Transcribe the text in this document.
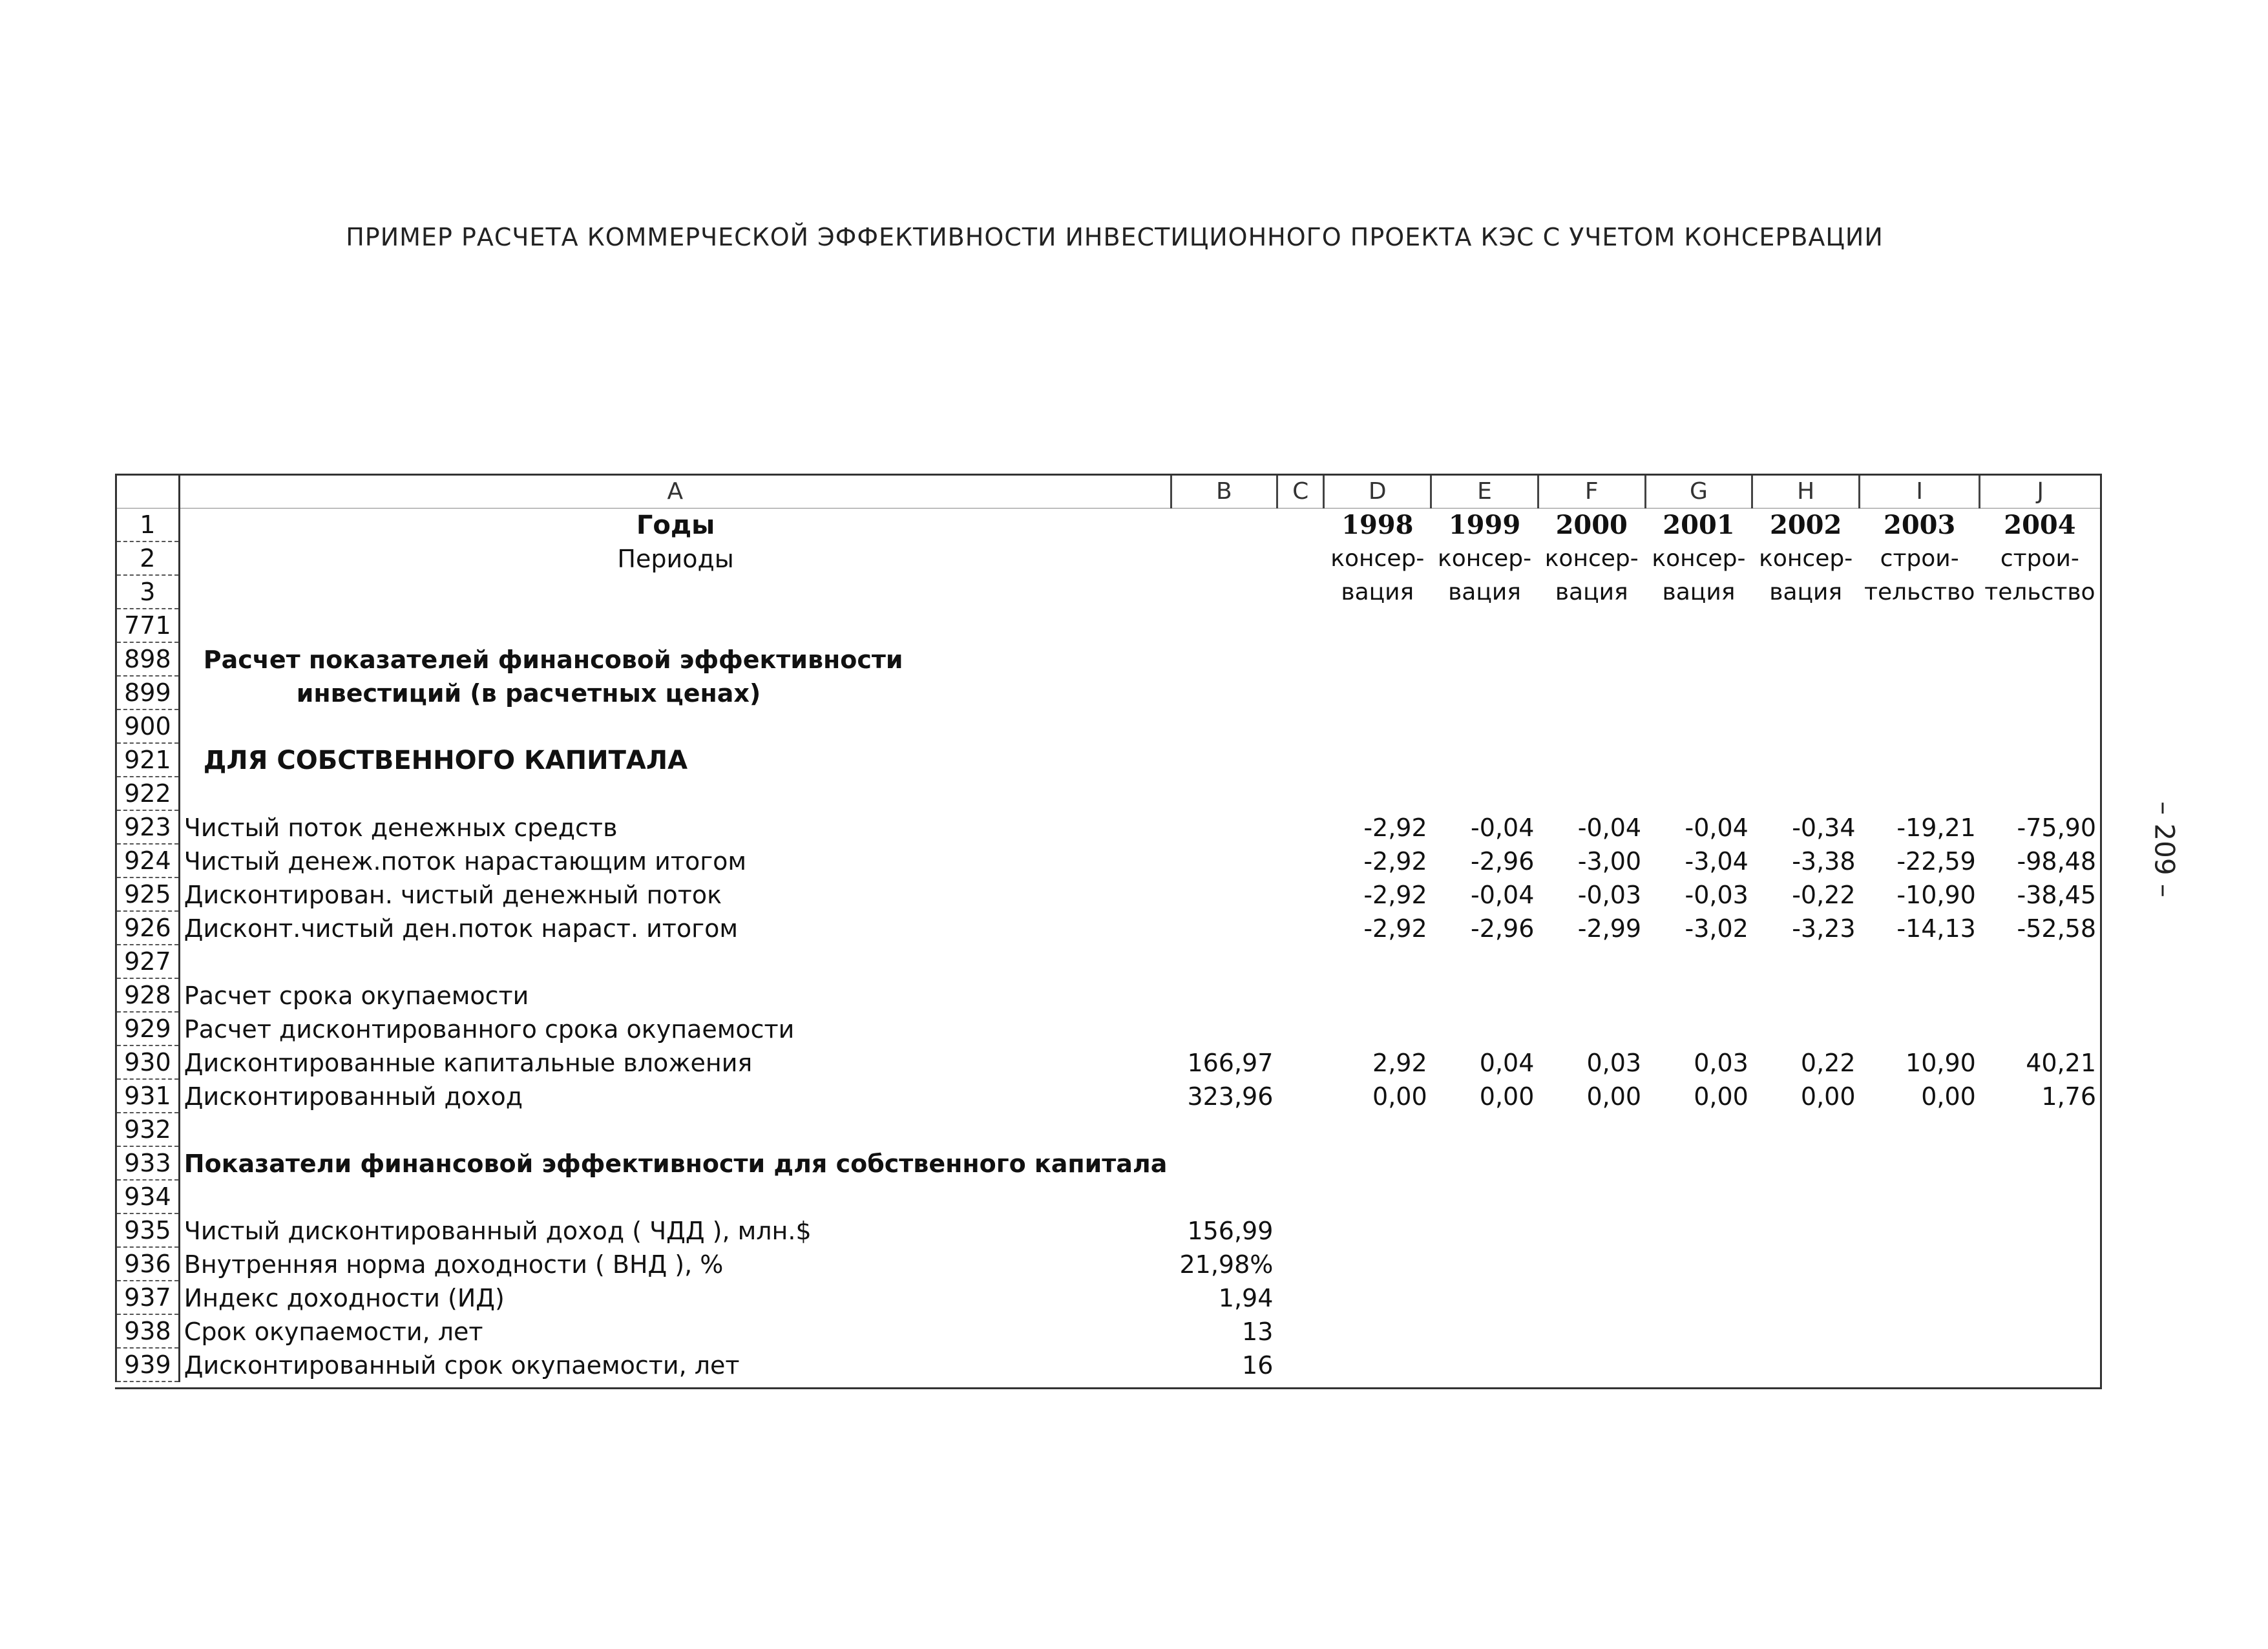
ПРИМЕР РАСЧЕТА КОММЕРЧЕСКОЙ ЭФФЕКТИВНОСТИ ИНВЕСТИЦИОННОГО ПРОЕКТА КЭС С УЧЕТОМ КОНСЕРВАЦИИ
– 209 –
	A	B	C	D	E	F	G	H	I	J
1	Годы			1998	1999	2000	2001	2002	2003	2004
2	Периоды			консер-	консер-	консер-	консер-	консер-	строи-	строи-
3				вация	вация	вация	вация	вация	тельство	тельство
771										
898	Расчет показателей финансовой эффективности									
899	инвестиций (в расчетных ценах)									
900										
921	ДЛЯ СОБСТВЕННОГО КАПИТАЛА									
922										
923	Чистый поток денежных средств			-2,92	-0,04	-0,04	-0,04	-0,34	-19,21	-75,90
924	Чистый денеж.поток нарастающим итогом			-2,92	-2,96	-3,00	-3,04	-3,38	-22,59	-98,48
925	Дисконтирован. чистый денежный поток			-2,92	-0,04	-0,03	-0,03	-0,22	-10,90	-38,45
926	Дисконт.чистый ден.поток нараст. итогом			-2,92	-2,96	-2,99	-3,02	-3,23	-14,13	-52,58
927										
928	Расчет срока окупаемости									
929	Расчет дисконтированного срока окупаемости									
930	Дисконтированные капитальные вложения	166,97		2,92	0,04	0,03	0,03	0,22	10,90	40,21
931	Дисконтированный доход	323,96		0,00	0,00	0,00	0,00	0,00	0,00	1,76
932										
933	Показатели финансовой эффективности для собственного капитала									
934										
935	Чистый дисконтированный доход ( ЧДД ), млн.$	156,99								
936	Внутренняя норма доходности ( ВНД ), %	21,98%								
937	Индекс доходности (ИД)	1,94								
938	Срок окупаемости, лет	13								
939	Дисконтированный срок окупаемости, лет	16								
